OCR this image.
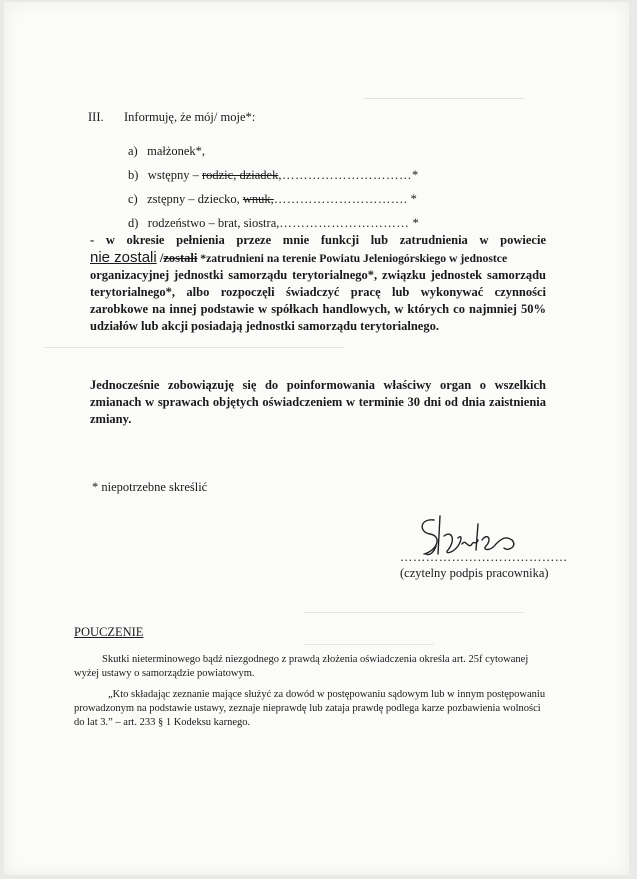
III. Informuję, że mój/ moje*:
a) małżonek*,
b) wstępny – rodzic, dziadek,…………………………*
c) zstępny – dziecko, wnuk,…………………………. *
d) rodzeństwo – brat, siostra,………………………… *
- w okresie pełnienia przeze mnie funkcji lub zatrudnienia w powiecie
nie zostali /zostali *zatrudnieni na terenie Powiatu Jeleniogórskiego w jednostce
organizacyjnej jednostki samorządu terytorialnego*, związku jednostek samorządu
terytorialnego*, albo rozpoczęli świadczyć pracę lub wykonywać czynności
zarobkowe na innej podstawie w spółkach handlowych, w których co najmniej 50%
udziałów lub akcji posiadają jednostki samorządu terytorialnego.
Jednocześnie zobowiązuję się do poinformowania właściwy organ o wszelkich
zmianach w sprawach objętych oświadczeniem w terminie 30 dni od dnia zaistnienia
zmiany.
* niepotrzebne skreślić
…………………………………
(czytelny podpis pracownika)
POUCZENIE
Skutki nieterminowego bądź niezgodnego z prawdą złożenia oświadczenia określa art. 25f cytowanej
wyżej ustawy o samorządzie powiatowym.
„Kto składając zeznanie mające służyć za dowód w postępowaniu sądowym lub w innym postępowaniu
prowadzonym na podstawie ustawy, zeznaje nieprawdę lub zataja prawdę podlega karze pozbawienia wolności
do lat 3.” – art. 233 § 1 Kodeksu karnego.
